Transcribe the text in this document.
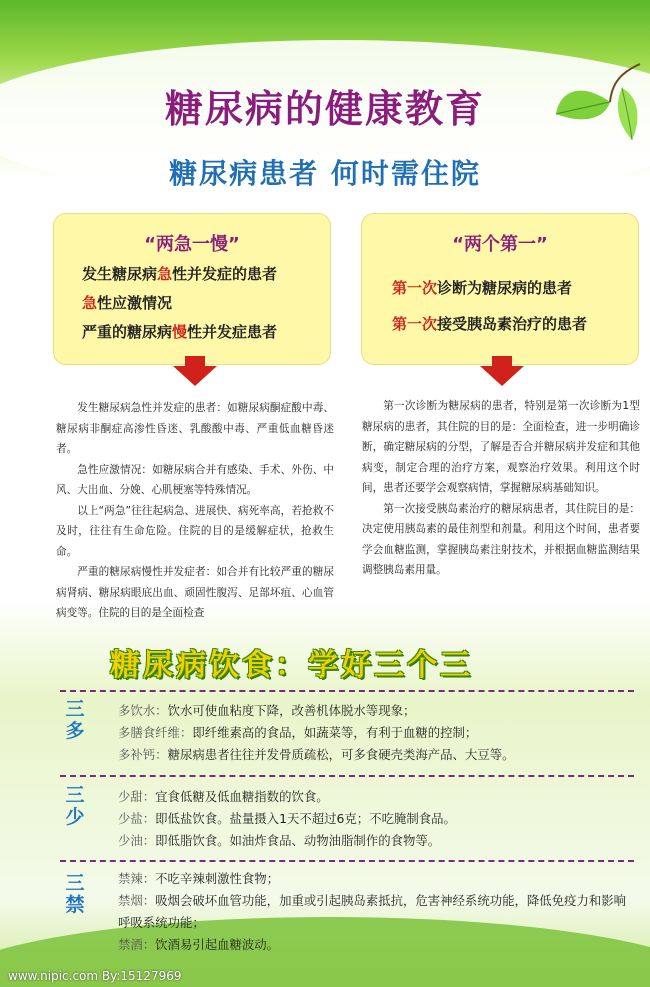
糖尿病的健康教育
糖尿病患者 何时需住院
“两急一慢”
发生糖尿病急性并发症的患者
急性应激情况
严重的糖尿病慢性并发症患者
“两个第一”
第一次诊断为糖尿病的患者
第一次接受胰岛素治疗的患者

发生糖尿病急性并发症的患者：如糖尿病酮症酸中毒、糖尿病非酮症高渗性昏迷、乳酸酸中毒、严重低血糖昏迷者。

急性应激情况：如糖尿病合并有感染、手术、外伤、中风、大出血、分娩、心肌梗塞等特殊情况。

以上“两急”往往起病急、进展快、病死率高，若抢救不及时，往往有生命危险。住院的目的是缓解症状，抢救生命。

严重的糖尿病慢性并发症者：如合并有比较严重的糖尿病肾病、糖尿病眼底出血、顽固性腹泻、足部坏疽、心血管病变等。住院的目的是全面检查

第一次诊断为糖尿病的患者，特别是第一次诊断为1型糖尿病的患者，其住院的目的是：全面检查，进一步明确诊断，确定糖尿病的分型，了解是否合并糖尿病并发症和其他病变，制定合理的治疗方案，观察治疗效果。利用这个时间，患者还要学会观察病情，掌握糖尿病基础知识。

第一次接受胰岛素治疗的糖尿病患者，其住院目的是：决定使用胰岛素的最佳剂型和剂量。利用这个时间，患者要学会血糖监测，掌握胰岛素注射技术，并根据血糖监测结果调整胰岛素用量。

糖尿病饮食：学好三个三
三多
多饮水：饮水可使血粘度下降，改善机体脱水等现象；
多膳食纤维：即纤维素高的食品，如蔬菜等，有利于血糖的控制；
多补钙：糖尿病患者往往并发骨质疏松，可多食硬壳类海产品、大豆等。
三少
少甜：宜食低糖及低血糖指数的饮食。
少盐：即低盐饮食。盐量摄入1天不超过6克；不吃腌制食品。
少油：即低脂饮食。如油炸食品、动物油脂制作的食物等。
三禁
禁辣：不吃辛辣刺激性食物；
禁烟：吸烟会破坏血管功能，加重或引起胰岛素抵抗，危害神经系统功能，降低免疫力和影响呼吸系统功能；
禁酒：饮酒易引起血糖波动。
www.nipic.com By:15127969
